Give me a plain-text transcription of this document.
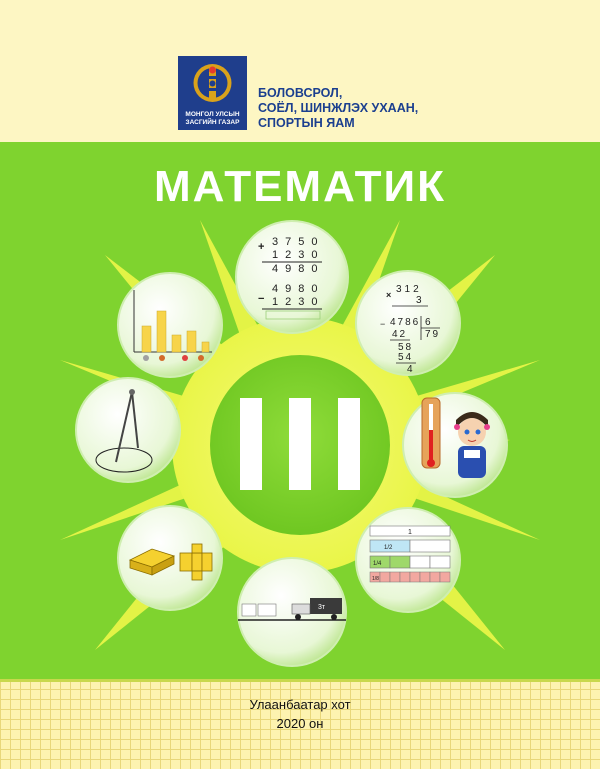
МОНГОЛ УЛСЫН
ЗАСГИЙН ГАЗАР
БОЛОВСРОЛ,
СОЁЛ, ШИНЖЛЭХ УХААН,
СПОРТЫН ЯАМ
+ 3750
1230
4980
−
4980
1230
× 312
3
− 4786 6
42 79
58
54
4
3т
1
1/2
1/4
1/8
МАТЕМАТИК
Улаанбаатар хот
2020 он
